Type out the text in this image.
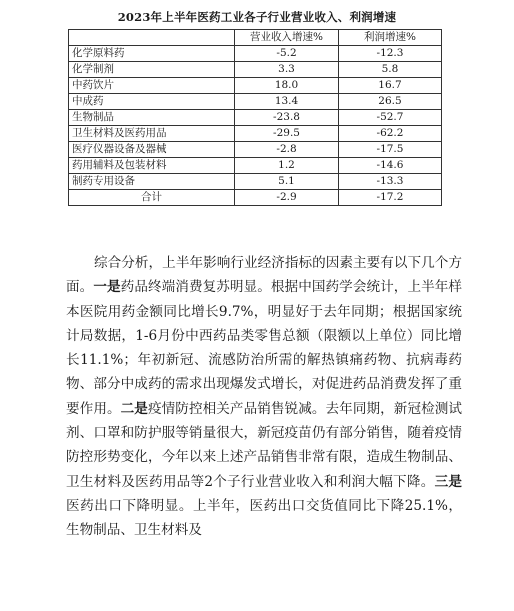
2023年上半年医药工业各子行业营业收入、利润增速
	营业收入增速%	利润增速%
化学原料药	-5.2	-12.3
化学制剂	3.3	5.8
中药饮片	18.0	16.7
中成药	13.4	26.5
生物制品	-23.8	-52.7
卫生材料及医药用品	-29.5	-62.2
医疗仪器设备及器械	-2.8	-17.5
药用辅料及包装材料	1.2	-14.6
制药专用设备	5.1	-13.3
合计	-2.9	-17.2
综合分析，上半年影响行业经济指标的因素主要有以下几个方面。一是药品终端消费复苏明显。根据中国药学会统计，上半年样本医院用药金额同比增长9.7%，明显好于去年同期；根据国家统计局数据，1-6月份中西药品类零售总额（限额以上单位）同比增长11.1%；年初新冠、流感防治所需的解热镇痛药物、抗病毒药物、部分中成药的需求出现爆发式增长，对促进药品消费发挥了重要作用。二是疫情防控相关产品销售锐减。去年同期，新冠检测试剂、口罩和防护服等销量很大，新冠疫苗仍有部分销售，随着疫情防控形势变化，今年以来上述产品销售非常有限，造成生物制品、卫生材料及医药用品等2个子行业营业收入和利润大幅下降。三是医药出口下降明显。上半年，医药出口交货值同比下降25.1%，生物制品、卫生材料及
